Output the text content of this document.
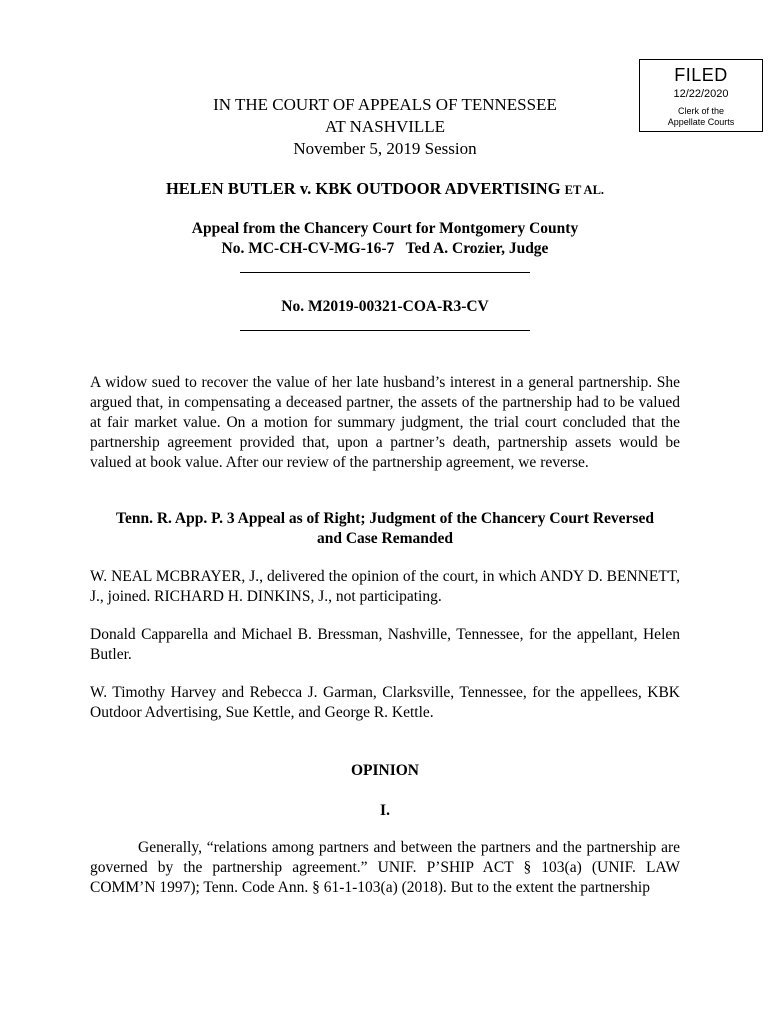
FILED
12/22/2020
Clerk of the
Appellate Courts
IN THE COURT OF APPEALS OF TENNESSEE
AT NASHVILLE
November 5, 2019 Session
HELEN BUTLER v. KBK OUTDOOR ADVERTISING ET AL.
Appeal from the Chancery Court for Montgomery County
No. MC-CH-CV-MG-16-7   Ted A. Crozier, Judge
No. M2019-00321-COA-R3-CV
A widow sued to recover the value of her late husband’s interest in a general partnership. She argued that, in compensating a deceased partner, the assets of the partnership had to be valued at fair market value. On a motion for summary judgment, the trial court concluded that the partnership agreement provided that, upon a partner’s death, partnership assets would be valued at book value. After our review of the partnership agreement, we reverse.
Tenn. R. App. P. 3 Appeal as of Right; Judgment of the Chancery Court Reversed
and Case Remanded
W. NEAL MCBRAYER, J., delivered the opinion of the court, in which ANDY D. BENNETT, J., joined. RICHARD H. DINKINS, J., not participating.
Donald Capparella and Michael B. Bressman, Nashville, Tennessee, for the appellant, Helen Butler.
W. Timothy Harvey and Rebecca J. Garman, Clarksville, Tennessee, for the appellees, KBK Outdoor Advertising, Sue Kettle, and George R. Kettle.
OPINION
I.
Generally, “relations among partners and between the partners and the partnership are governed by the partnership agreement.” UNIF. P’SHIP ACT § 103(a) (UNIF. LAW COMM’N 1997); Tenn. Code Ann. § 61-1-103(a) (2018). But to the extent the partnership
